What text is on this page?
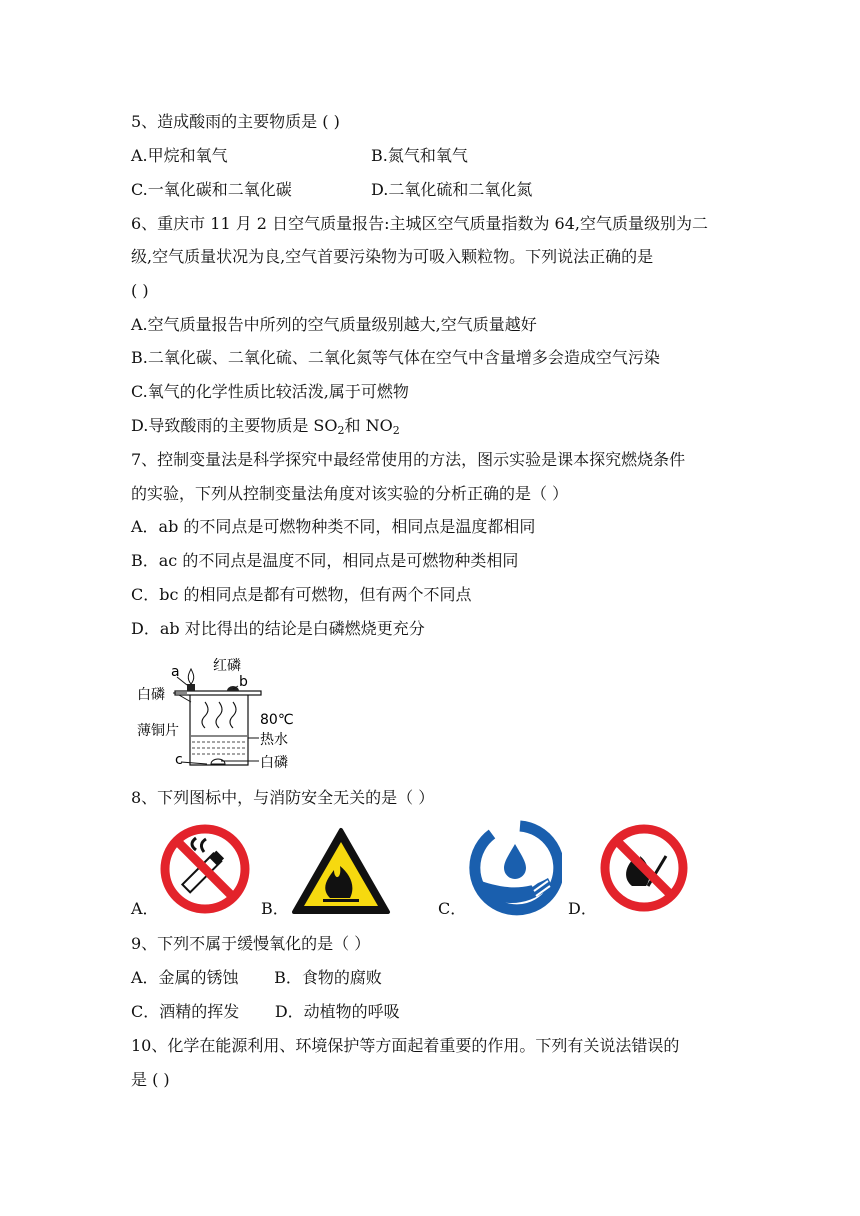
5、造成酸雨的主要物质是 ( )
A.甲烷和氧气	B.氮气和氧气
C.一氧化碳和二氧化碳	D.二氧化硫和二氧化氮
6、重庆市 11 月 2 日空气质量报告:主城区空气质量指数为 64,空气质量级别为二
级,空气质量状况为良,空气首要污染物为可吸入颗粒物。下列说法正确的是
( )
A.空气质量报告中所列的空气质量级别越大,空气质量越好
B.二氧化碳、二氧化硫、二氧化氮等气体在空气中含量增多会造成空气污染
C.氧气的化学性质比较活泼,属于可燃物
D.导致酸雨的主要物质是 $SO_2$和 $NO_2$
7、控制变量法是科学探究中最经常使用的方法，图示实验是课本探究燃烧条件
的实验，下列从控制变量法角度对该实验的分析正确的是（ ）
A．ab 的不同点是可燃物种类不同，相同点是温度都相同
B．ac 的不同点是温度不同，相同点是可燃物种类相同
C．bc 的相同点是都有可燃物，但有两个不同点
D．ab 对比得出的结论是白磷燃烧更充分
a
b
c
红磷
白磷
薄铜片
80℃
热水
白磷
8、下列图标中，与消防安全无关的是（ ）
A．	B．	C．	D．
9、下列不属于缓慢氧化的是（ ）
A．金属的锈蚀       B．食物的腐败
C．酒精的挥发       D．动植物的呼吸
10、化学在能源利用、环境保护等方面起着重要的作用。下列有关说法错误的
是 ( )
